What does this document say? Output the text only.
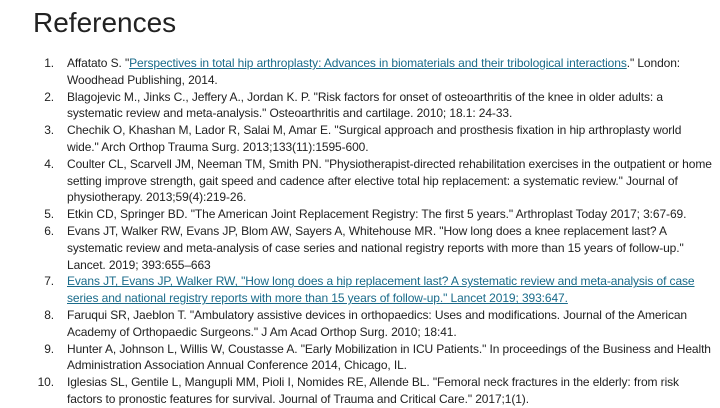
References
1. Affatato S. "Perspectives in total hip arthroplasty: Advances in biomaterials and their tribological interactions." London: Woodhead Publishing, 2014.
2. Blagojevic M., Jinks C., Jeffery A., Jordan K. P. "Risk factors for onset of osteoarthritis of the knee in older adults: a systematic review and meta-analysis." Osteoarthritis and cartilage. 2010; 18.1: 24-33.
3. Chechik O, Khashan M, Lador R, Salai M, Amar E. "Surgical approach and prosthesis fixation in hip arthroplasty world wide." Arch Orthop Trauma Surg. 2013;133(11):1595-600.
4. Coulter CL, Scarvell JM, Neeman TM, Smith PN. "Physiotherapist-directed rehabilitation exercises in the outpatient or home setting improve strength, gait speed and cadence after elective total hip replacement: a systematic review." Journal of physiotherapy. 2013;59(4):219-26.
5. Etkin CD, Springer BD. "The American Joint Replacement Registry: The first 5 years." Arthroplast Today 2017; 3:67-69.
6. Evans JT, Walker RW, Evans JP, Blom AW, Sayers A, Whitehouse MR. "How long does a knee replacement last? A systematic review and meta-analysis of case series and national registry reports with more than 15 years of follow-up." Lancet. 2019; 393:655–663
7. Evans JT, Evans JP, Walker RW, "How long does a hip replacement last? A systematic review and meta-analysis of case series and national registry reports with more than 15 years of follow-up." Lancet 2019; 393:647.
8. Faruqui SR, Jaeblon T. "Ambulatory assistive devices in orthopaedics: Uses and modifications. Journal of the American Academy of Orthopaedic Surgeons." J Am Acad Orthop Surg. 2010; 18:41.
9. Hunter A, Johnson L, Willis W, Coustasse A. "Early Mobilization in ICU Patients." In proceedings of the Business and Health Administration Association Annual Conference 2014, Chicago, IL.
10. Iglesias SL, Gentile L, Mangupli MM, Pioli I, Nomides RE, Allende BL. "Femoral neck fractures in the elderly: from risk factors to pronostic features for survival. Journal of Trauma and Critical Care." 2017;1(1).
